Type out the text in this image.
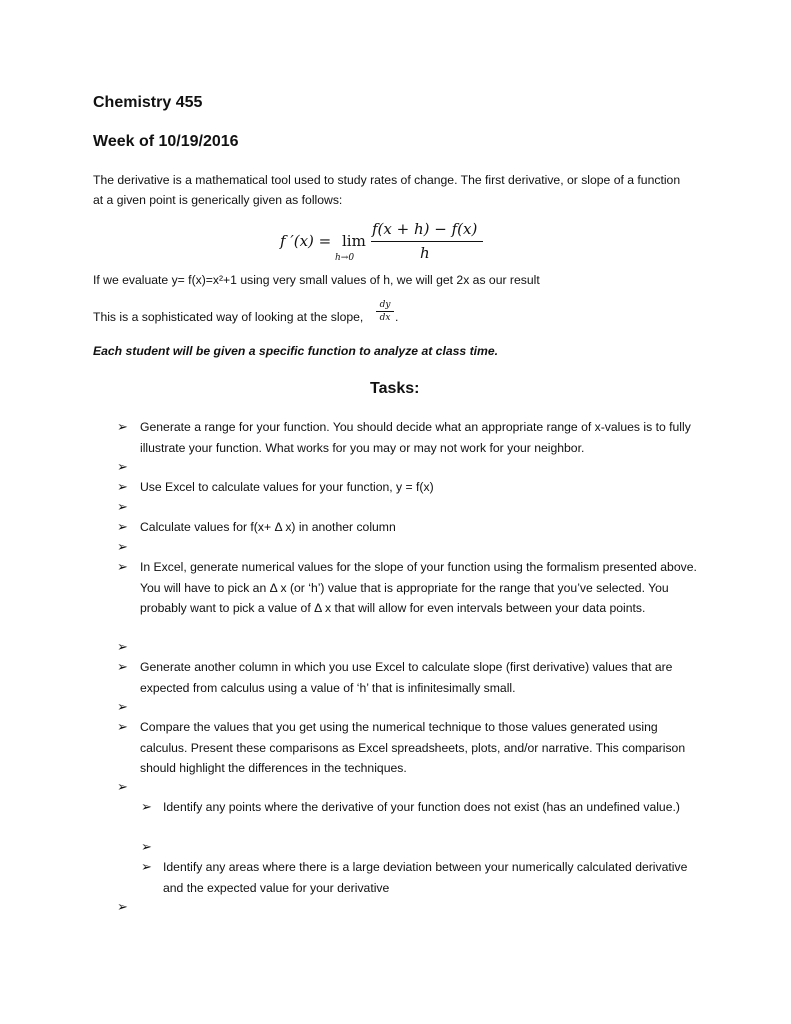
Chemistry 455
Week of 10/19/2016
The derivative is a mathematical tool used to study rates of change. The first derivative, or slope of a function at a given point is generically given as follows:
f ′(x) = lim
h→0
f(x + h) − f(x)
h
If we evaluate y= f(x)=x²+1 using very small values of h, we will get 2x as our result
This is a sophisticated way of looking at the slope,
dy
dx .
Each student will be given a specific function to analyze at class time.
Tasks:
➢ Generate a range for your function. You should decide what an appropriate range of x-values is to fully illustrate your function. What works for you may or may not work for your neighbor.
➢
➢ Use Excel to calculate values for your function, y = f(x)
➢
➢ Calculate values for f(x+ Δ x) in another column
➢
➢ In Excel, generate numerical values for the slope of your function using the formalism presented above. You will have to pick an Δ x (or ‘h’) value that is appropriate for the range that you’ve selected. You probably want to pick a value of Δ x that will allow for even intervals between your data points.
➢
➢ Generate another column in which you use Excel to calculate slope (first derivative) values that are expected from calculus using a value of ‘h’ that is infinitesimally small.
➢
➢ Compare the values that you get using the numerical technique to those values generated using calculus. Present these comparisons as Excel spreadsheets, plots, and/or narrative. This comparison should highlight the differences in the techniques.
➢
➢ Identify any points where the derivative of your function does not exist (has an undefined value.)
➢
➢ Identify any areas where there is a large deviation between your numerically calculated derivative and the expected value for your derivative
➢
